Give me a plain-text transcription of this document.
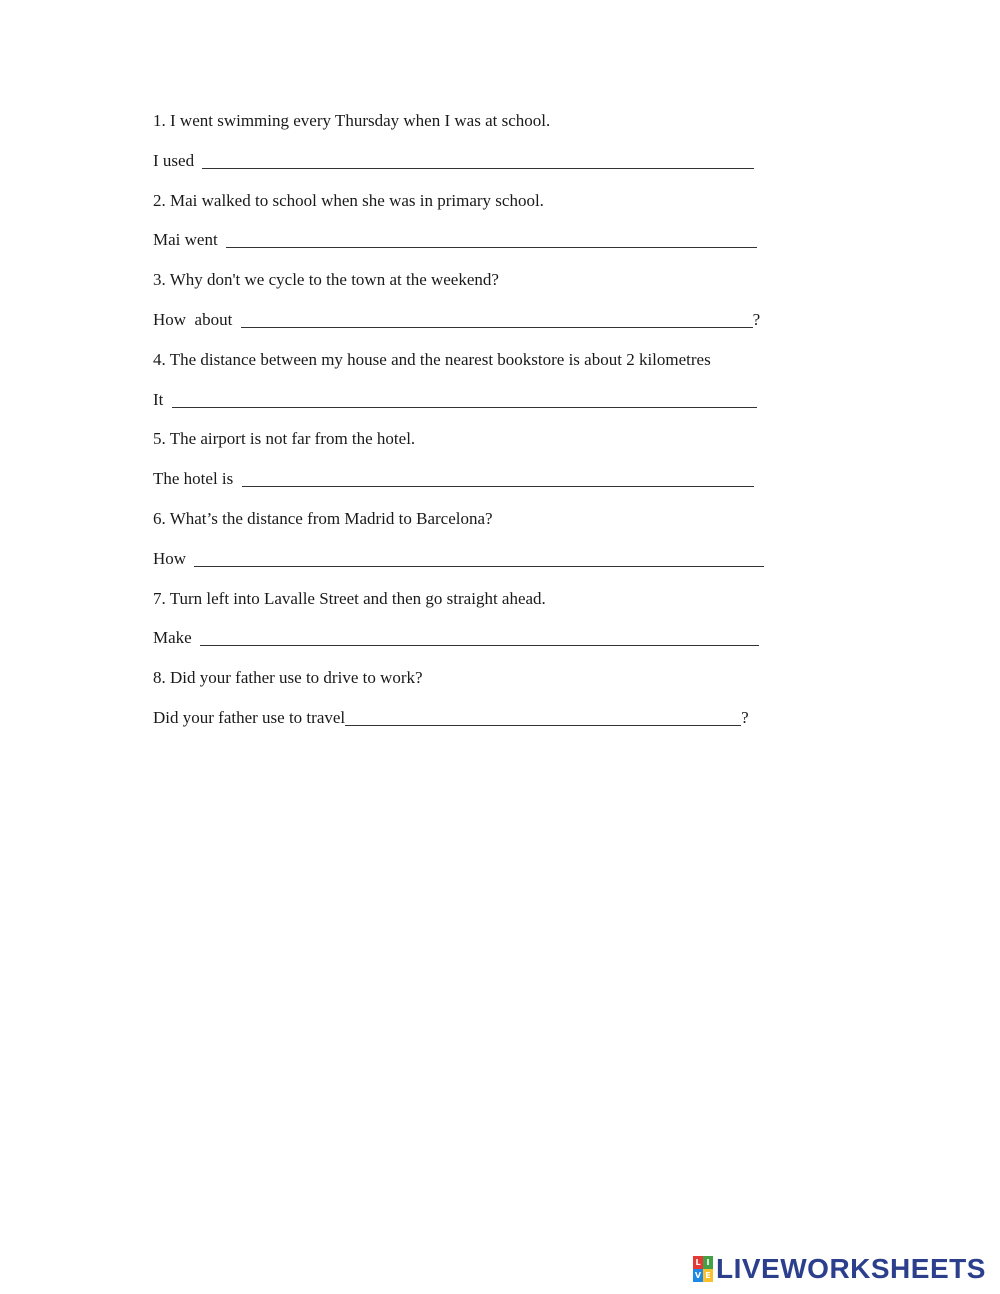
1. I went swimming every Thursday when I was at school.
I used
2. Mai walked to school when she was in primary school.
Mai went
3. Why don't we cycle to the town at the weekend?
How  about	?
4. The distance between my house and the nearest bookstore is about 2 kilometres
It
5. The airport is not far from the hotel.
The hotel is
6. What’s the distance from Madrid to Barcelona?
How
7. Turn left into Lavalle Street and then go straight ahead.
Make
8. Did your father use to drive to work?
Did your father use to travel	?
L I
V E LIVEWORKSHEETS
